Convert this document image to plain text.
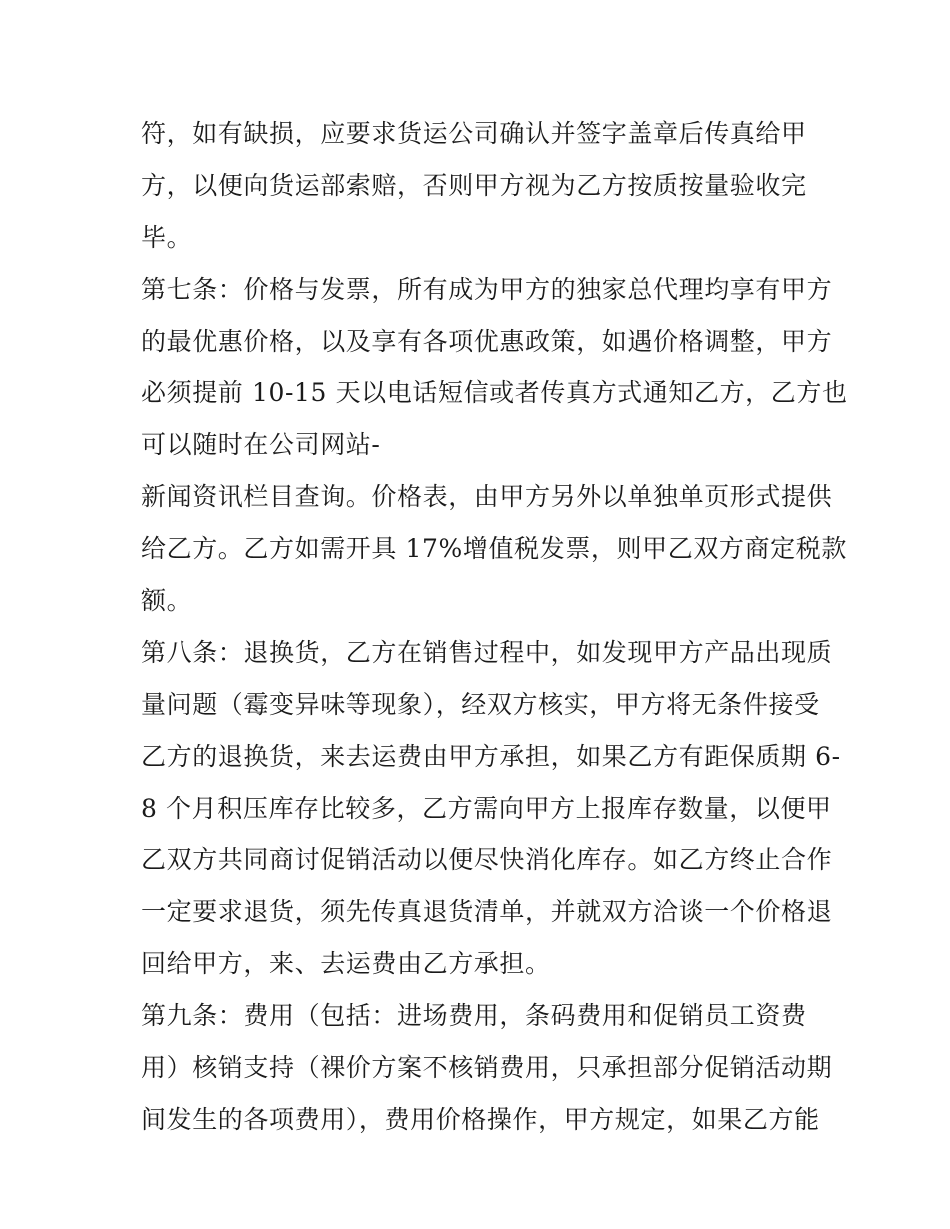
符，如有缺损，应要求货运公司确认并签字盖章后传真给甲
方，以便向货运部索赔，否则甲方视为乙方按质按量验收完
毕。
第七条：价格与发票，所有成为甲方的独家总代理均享有甲方
的最优惠价格，以及享有各项优惠政策，如遇价格调整，甲方
必须提前 10-15 天以电话短信或者传真方式通知乙方，乙方也
可以随时在公司网站-
新闻资讯栏目查询。价格表，由甲方另外以单独单页形式提供
给乙方。乙方如需开具 17%增值税发票，则甲乙双方商定税款
额。
第八条：退换货，乙方在销售过程中，如发现甲方产品出现质
量问题（霉变异味等现象），经双方核实，甲方将无条件接受
乙方的退换货，来去运费由甲方承担，如果乙方有距保质期 6-
8 个月积压库存比较多，乙方需向甲方上报库存数量，以便甲
乙双方共同商讨促销活动以便尽快消化库存。如乙方终止合作
一定要求退货，须先传真退货清单，并就双方洽谈一个价格退
回给甲方，来、去运费由乙方承担。
第九条：费用（包括：进场费用，条码费用和促销员工资费
用）核销支持（裸价方案不核销费用，只承担部分促销活动期
间发生的各项费用），费用价格操作，甲方规定，如果乙方能
